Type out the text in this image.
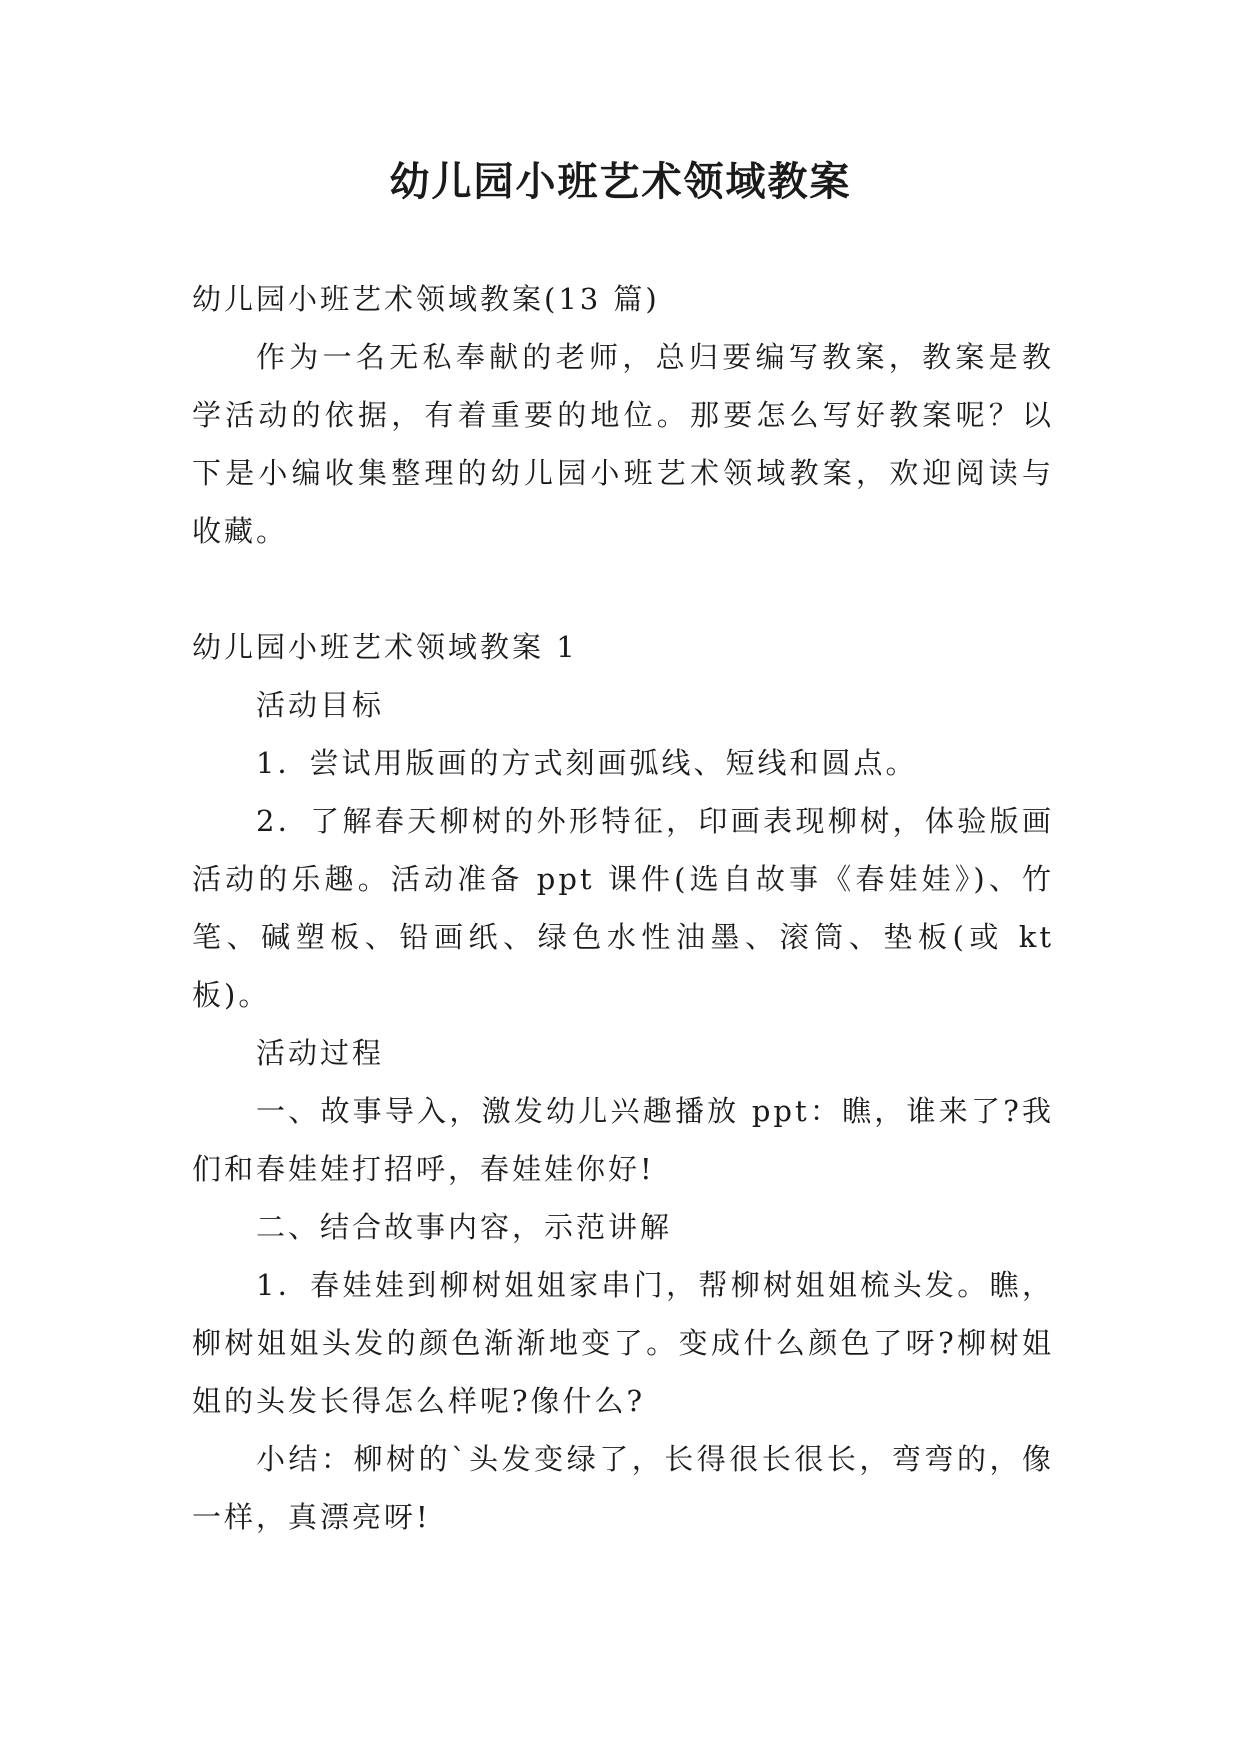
幼儿园小班艺术领域教案

幼儿园小班艺术领域教案(13 篇)

作为一名无私奉献的老师，总归要编写教案，教案是教学活动的依据，有着重要的地位。那要怎么写好教案呢？以下是小编收集整理的幼儿园小班艺术领域教案，欢迎阅读与收藏。

幼儿园小班艺术领域教案 1

活动目标

1．尝试用版画的方式刻画弧线、短线和圆点。

2．了解春天柳树的外形特征，印画表现柳树，体验版画活动的乐趣。活动准备 ppt 课件(选自故事《春娃娃》)、竹笔、碱塑板、铅画纸、绿色水性油墨、滚筒、垫板(或 kt 板)。

活动过程

一、故事导入，激发幼儿兴趣播放 ppt：瞧，谁来了?我们和春娃娃打招呼，春娃娃你好!

二、结合故事内容，示范讲解

1．春娃娃到柳树姐姐家串门，帮柳树姐姐梳头发。瞧，柳树姐姐头发的颜色渐渐地变了。变成什么颜色了呀?柳树姐姐的头发长得怎么样呢?像什么?

小结：柳树的`头发变绿了，长得很长很长，弯弯的，像一样，真漂亮呀!
